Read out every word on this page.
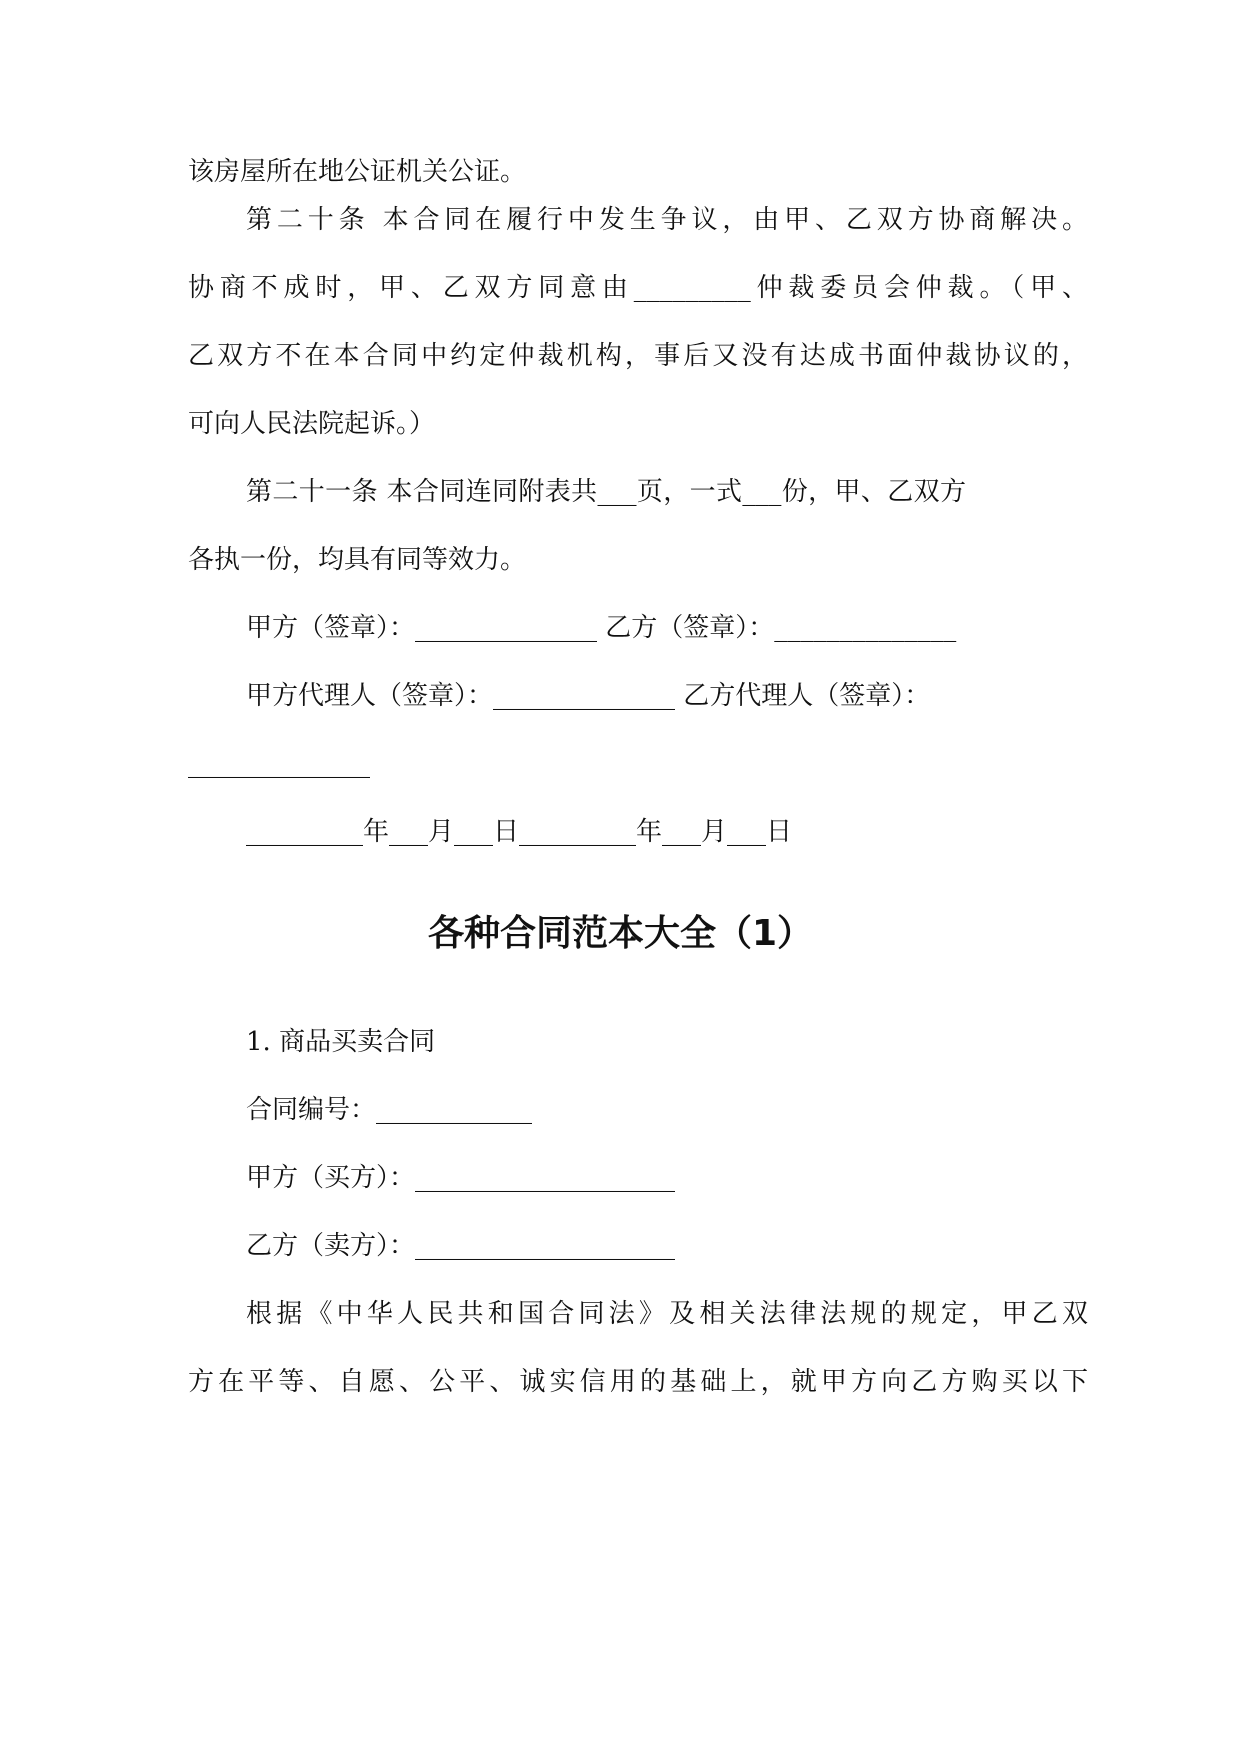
该房屋所在地公证机关公证。
第二十条 本合同在履行中发生争议，由甲、乙双方协商解决。
协商不成时，甲、乙双方同意由_________仲裁委员会仲裁。（甲、
乙双方不在本合同中约定仲裁机构，事后又没有达成书面仲裁协议的，
可向人民法院起诉。）
第二十一条 本合同连同附表共___页，一式___份，甲、乙双方
各执一份，均具有同等效力。
甲方（签章）：______________ 乙方（签章）：______________
甲方代理人（签章）：______________ 乙方代理人（签章）：
______________
_________年___月___日_________年___月___日
各种合同范本大全（1）
1. 商品买卖合同
合同编号：____________
甲方（买方）：____________________
乙方（卖方）：____________________
根据《中华人民共和国合同法》及相关法律法规的规定，甲乙双
方在平等、自愿、公平、诚实信用的基础上，就甲方向乙方购买以下
